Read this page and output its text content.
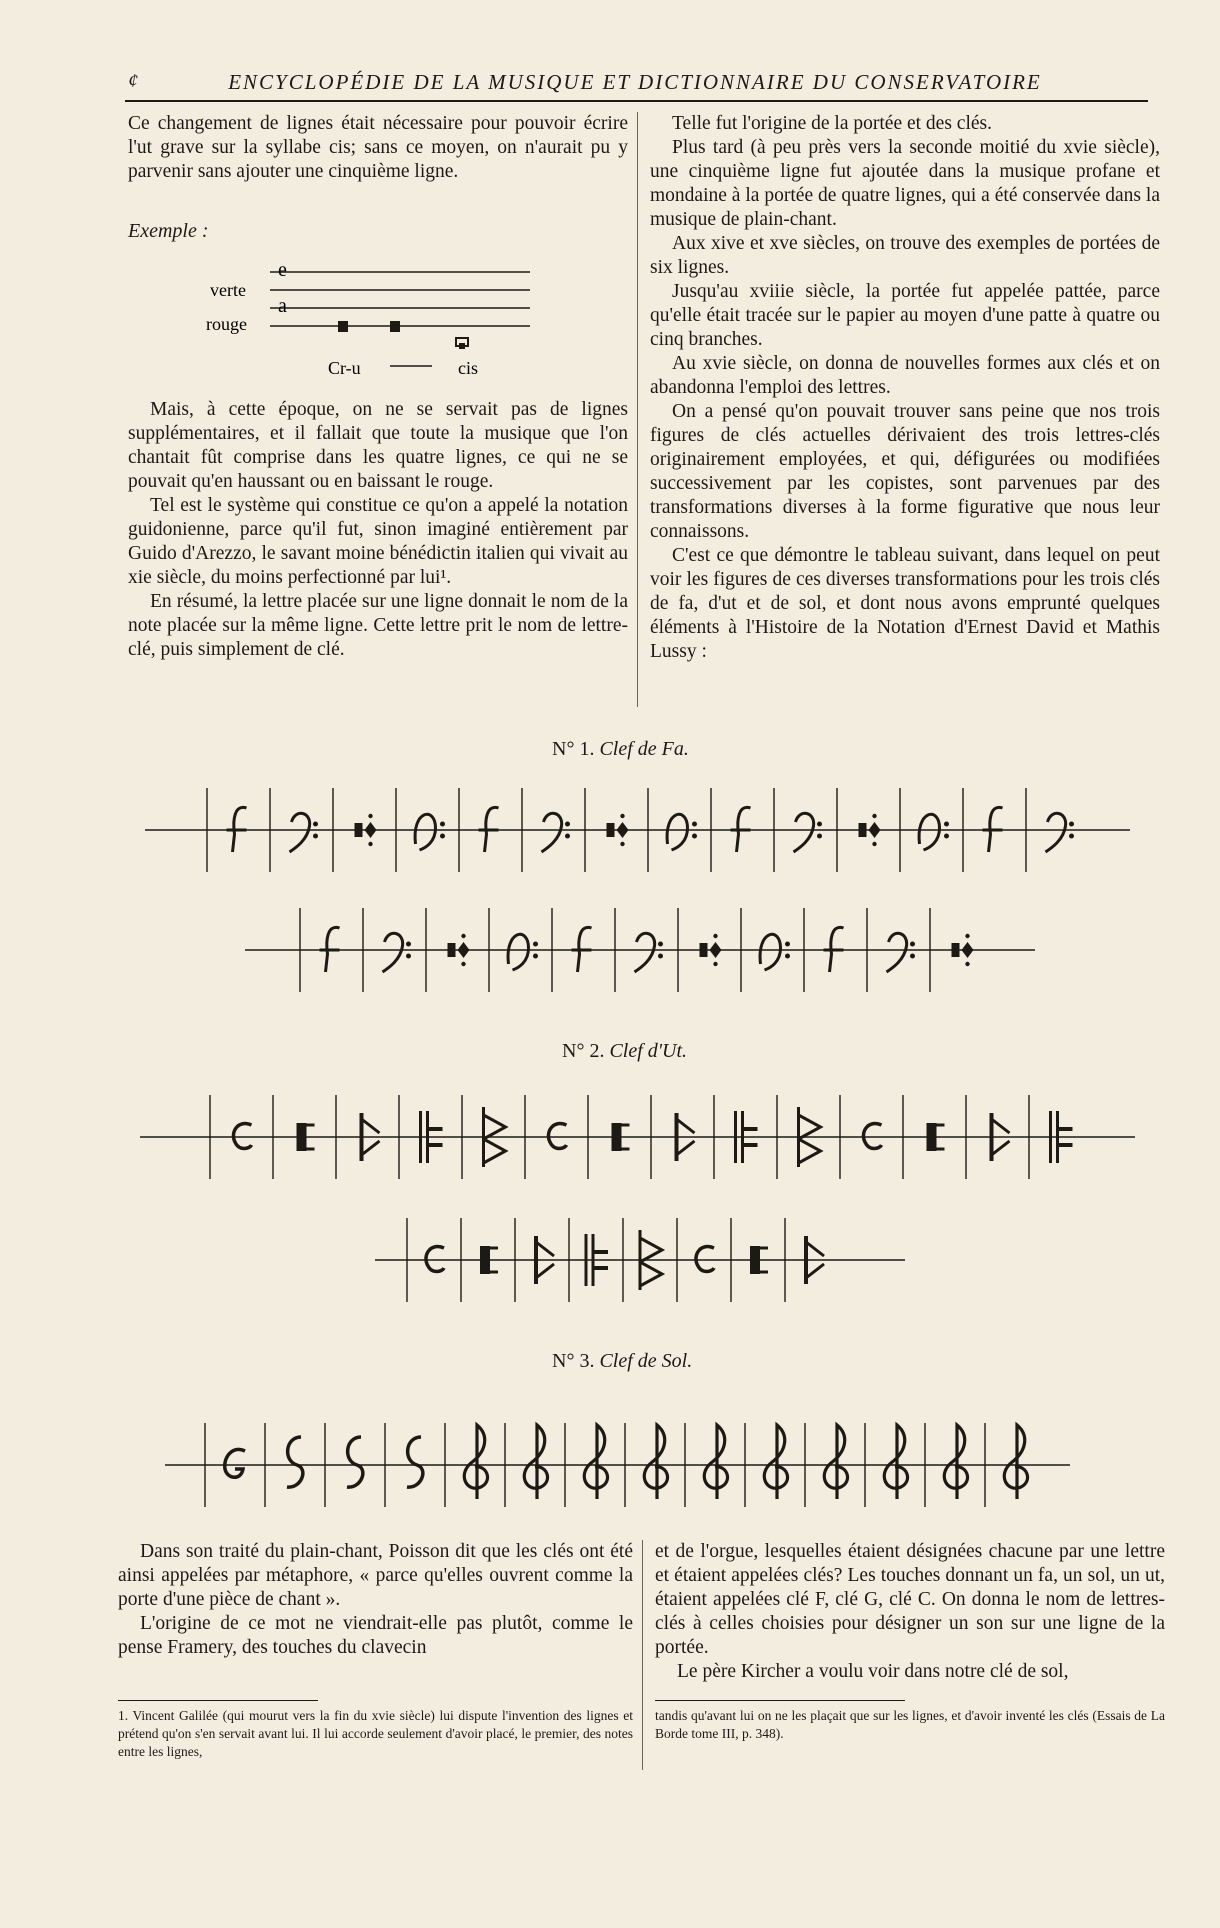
¢	ENCYCLOPÉDIE DE LA MUSIQUE ET DICTIONNAIRE DU CONSERVATOIRE

Ce changement de lignes était nécessaire pour pouvoir écrire l'ut grave sur la syllabe cis; sans ce moyen, on n'aurait pu y parvenir sans ajouter une cinquième ligne.

Exemple :
e
a
verte
rouge
Cr-u	cis

Mais, à cette époque, on ne se servait pas de lignes supplémentaires, et il fallait que toute la musique que l'on chantait fût comprise dans les quatre lignes, ce qui ne se pouvait qu'en haussant ou en baissant le rouge.

Tel est le système qui constitue ce qu'on a appelé la notation guidonienne, parce qu'il fut, sinon imaginé entièrement par Guido d'Arezzo, le savant moine bénédictin italien qui vivait au xie siècle, du moins perfectionné par lui¹.

En résumé, la lettre placée sur une ligne donnait le nom de la note placée sur la même ligne. Cette lettre prit le nom de lettre-clé, puis simplement de clé.

Telle fut l'origine de la portée et des clés.

Plus tard (à peu près vers la seconde moitié du xvie siècle), une cinquième ligne fut ajoutée dans la musique profane et mondaine à la portée de quatre lignes, qui a été conservée dans la musique de plain-chant.

Aux xive et xve siècles, on trouve des exemples de portées de six lignes.

Jusqu'au xviiie siècle, la portée fut appelée pattée, parce qu'elle était tracée sur le papier au moyen d'une patte à quatre ou cinq branches.

Au xvie siècle, on donna de nouvelles formes aux clés et on abandonna l'emploi des lettres.

On a pensé qu'on pouvait trouver sans peine que nos trois figures de clés actuelles dérivaient des trois lettres-clés originairement employées, et qui, défigurées ou modifiées successivement par les copistes, sont parvenues par des transformations diverses à la forme figurative que nous leur connaissons.

C'est ce que démontre le tableau suivant, dans lequel on peut voir les figures de ces diverses transformations pour les trois clés de fa, d'ut et de sol, et dont nous avons emprunté quelques éléments à l'Histoire de la Notation d'Ernest David et Mathis Lussy :

N° 1. Clef de Fa.
N° 2. Clef d'Ut.
N° 3. Clef de Sol.

Dans son traité du plain-chant, Poisson dit que les clés ont été ainsi appelées par métaphore, « parce qu'elles ouvrent comme la porte d'une pièce de chant ».

L'origine de ce mot ne viendrait-elle pas plutôt, comme le pense Framery, des touches du clavecin

et de l'orgue, lesquelles étaient désignées chacune par une lettre et étaient appelées clés? Les touches donnant un fa, un sol, un ut, étaient appelées clé F, clé G, clé C. On donna le nom de lettres-clés à celles choisies pour désigner un son sur une ligne de la portée.

Le père Kircher a voulu voir dans notre clé de sol,

1. Vincent Galilée (qui mourut vers la fin du xvie siècle) lui dispute l'invention des lignes et prétend qu'on s'en servait avant lui. Il lui accorde seulement d'avoir placé, le premier, des notes entre les lignes,

tandis qu'avant lui on ne les plaçait que sur les lignes, et d'avoir inventé les clés (Essais de La Borde tome III, p. 348).
